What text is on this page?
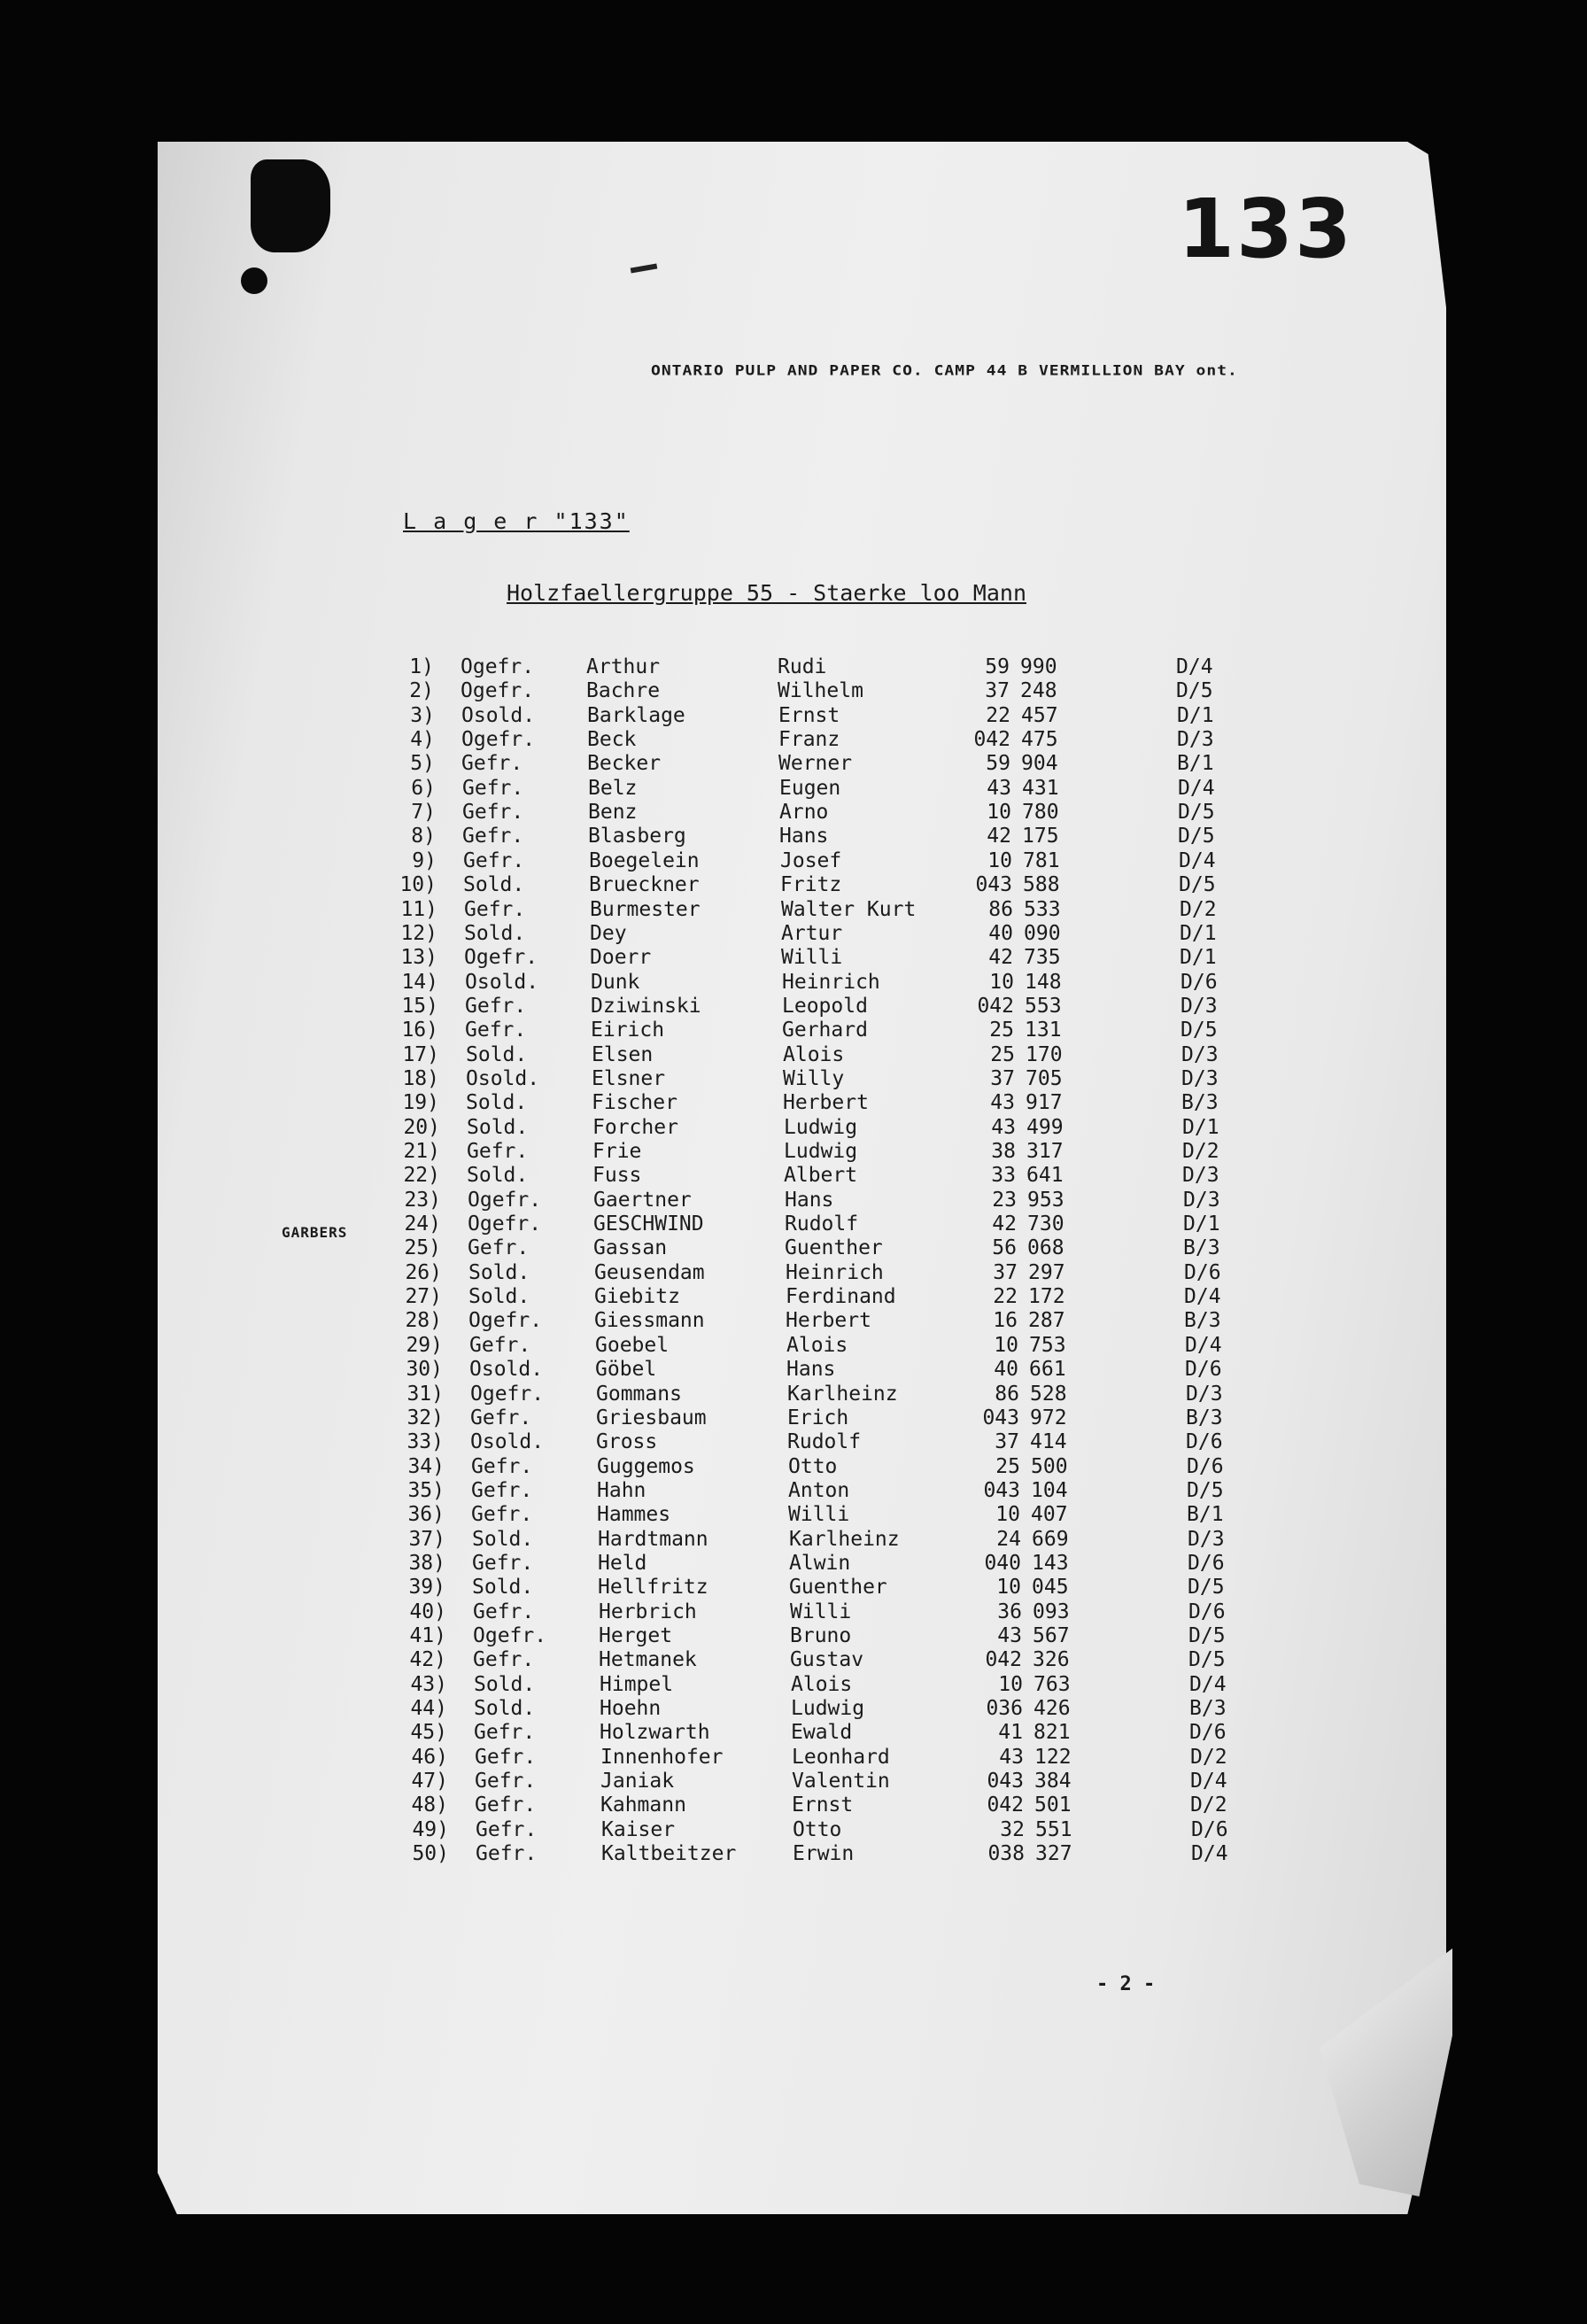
133
ONTARIO PULP AND PAPER CO. CAMP 44 B VERMILLION BAY ont.
L a g e r "133"
Holzfaellergruppe 55 - Staerke loo Mann
GARBERS
1) Ogefr.	Arthur	Rudi	59 990	D/4
2) Ogefr.	Bachre	Wilhelm	37 248	D/5
3) Osold.	Barklage	Ernst	22 457	D/1
4) Ogefr.	Beck	Franz	042 475	D/3
5) Gefr.	Becker	Werner	59 904	B/1
6) Gefr.	Belz	Eugen	43 431	D/4
7) Gefr.	Benz	Arno	10 780	D/5
8) Gefr.	Blasberg	Hans	42 175	D/5
9) Gefr.	Boegelein	Josef	10 781	D/4
10) Sold.	Brueckner	Fritz	043 588	D/5
11) Gefr.	Burmester	Walter Kurt	86 533	D/2
12) Sold.	Dey	Artur	40 090	D/1
13) Ogefr.	Doerr	Willi	42 735	D/1
14) Osold.	Dunk	Heinrich	10 148	D/6
15) Gefr.	Dziwinski	Leopold	042 553	D/3
16) Gefr.	Eirich	Gerhard	25 131	D/5
17) Sold.	Elsen	Alois	25 170	D/3
18) Osold.	Elsner	Willy	37 705	D/3
19) Sold.	Fischer	Herbert	43 917	B/3
20) Sold.	Forcher	Ludwig	43 499	D/1
21) Gefr.	Frie	Ludwig	38 317	D/2
22) Sold.	Fuss	Albert	33 641	D/3
23) Ogefr.	Gaertner	Hans	23 953	D/3
24) Ogefr.	GESCHWIND	Rudolf	42 730	D/1
25) Gefr.	Gassan	Guenther	56 068	B/3
26) Sold.	Geusendam	Heinrich	37 297	D/6
27) Sold.	Giebitz	Ferdinand	22 172	D/4
28) Ogefr.	Giessmann	Herbert	16 287	B/3
29) Gefr.	Goebel	Alois	10 753	D/4
30) Osold.	Göbel	Hans	40 661	D/6
31) Ogefr.	Gommans	Karlheinz	86 528	D/3
32) Gefr.	Griesbaum	Erich	043 972	B/3
33) Osold.	Gross	Rudolf	37 414	D/6
34) Gefr.	Guggemos	Otto	25 500	D/6
35) Gefr.	Hahn	Anton	043 104	D/5
36) Gefr.	Hammes	Willi	10 407	B/1
37) Sold.	Hardtmann	Karlheinz	24 669	D/3
38) Gefr.	Held	Alwin	040 143	D/6
39) Sold.	Hellfritz	Guenther	10 045	D/5
40) Gefr.	Herbrich	Willi	36 093	D/6
41) Ogefr.	Herget	Bruno	43 567	D/5
42) Gefr.	Hetmanek	Gustav	042 326	D/5
43) Sold.	Himpel	Alois	10 763	D/4
44) Sold.	Hoehn	Ludwig	036 426	B/3
45) Gefr.	Holzwarth	Ewald	41 821	D/6
46) Gefr.	Innenhofer	Leonhard	43 122	D/2
47) Gefr.	Janiak	Valentin	043 384	D/4
48) Gefr.	Kahmann	Ernst	042 501	D/2
49) Gefr.	Kaiser	Otto	32 551	D/6
50) Gefr.	Kaltbeitzer	Erwin	038 327	D/4
- 2 -
